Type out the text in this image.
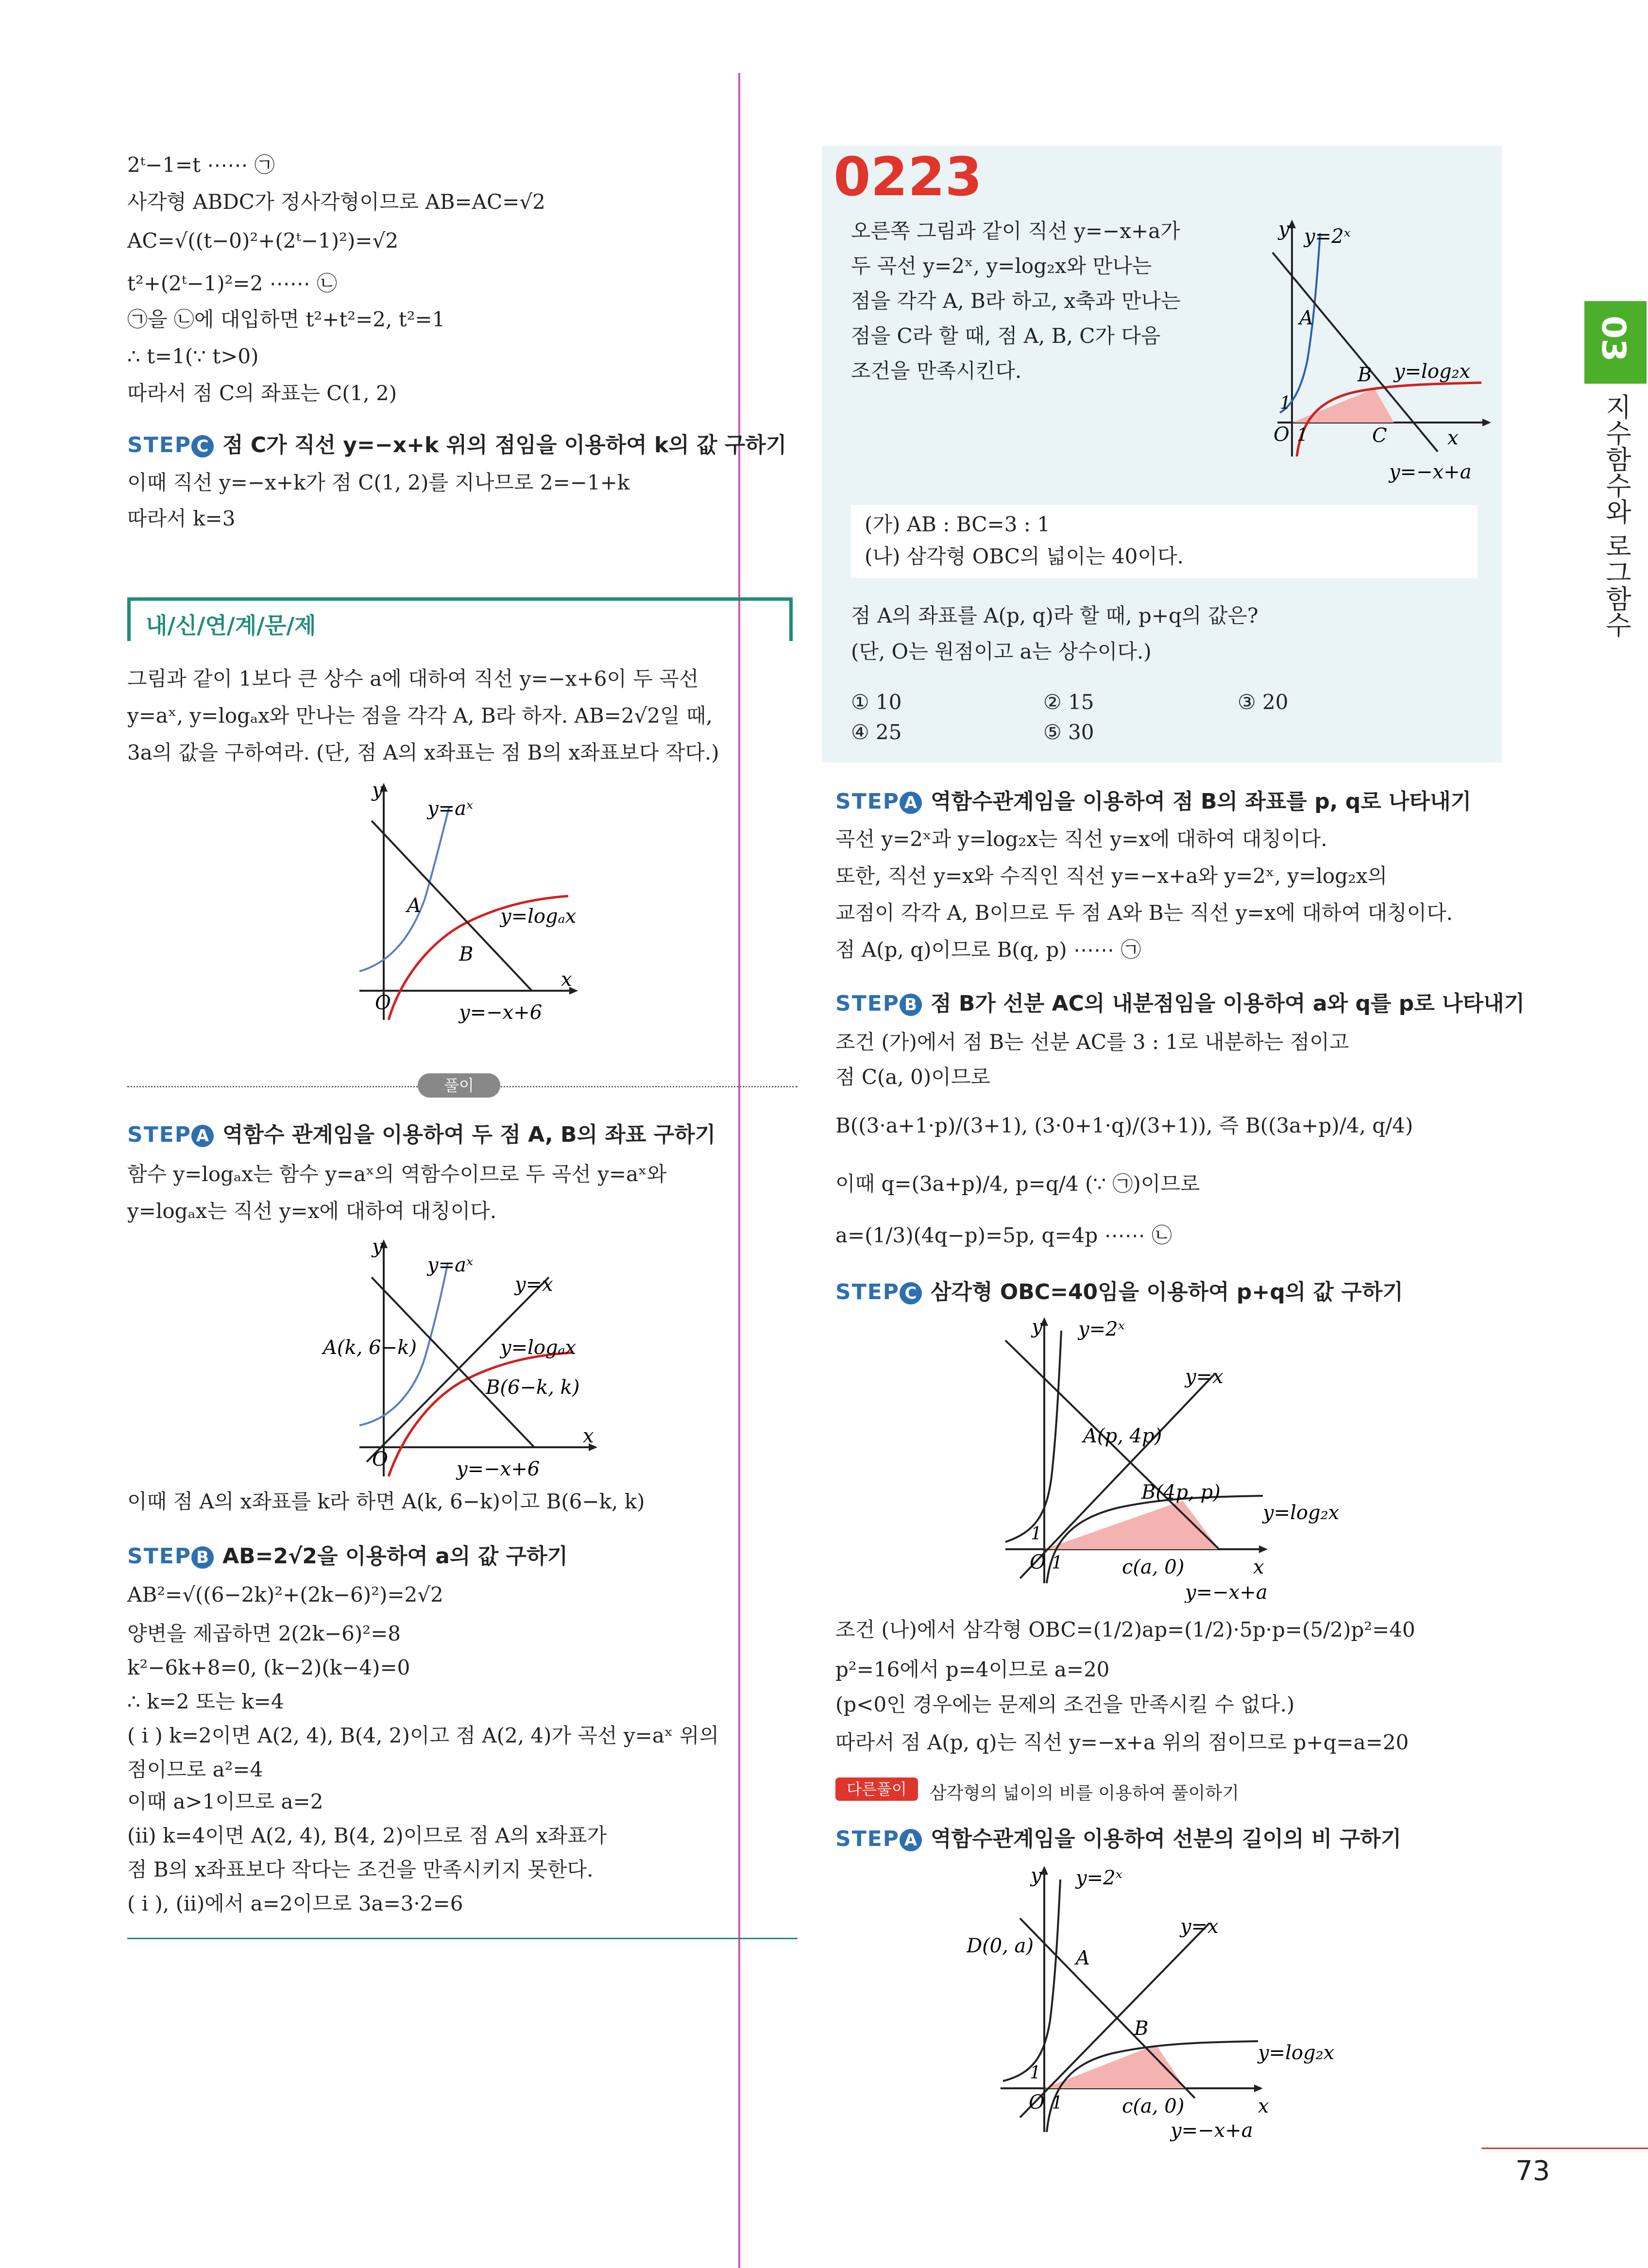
03
지수함수와 로그함수
2ᵗ−1=t ⋯⋯ ㉠
사각형 ABDC가 정사각형이므로 AB=AC=√2
AC=√((t−0)²+(2ᵗ−1)²)=√2
t²+(2ᵗ−1)²=2 ⋯⋯ ㉡
㉠을 ㉡에 대입하면 t²+t²=2, t²=1
∴ t=1(∵ t>0)
따라서 점 C의 좌표는 C(1, 2)
STEP C 점 C가 직선 y=−x+k 위의 점임을 이용하여 k의 값 구하기
이때 직선 y=−x+k가 점 C(1, 2)를 지나므로 2=−1+k
따라서 k=3
내/신/연/계/문/제
그림과 같이 1보다 큰 상수 a에 대하여 직선 y=−x+6이 두 곡선
y=aˣ, y=logₐx와 만나는 점을 각각 A, B라 하자. AB=2√2일 때,
3a의 값을 구하여라. (단, 점 A의 x좌표는 점 B의 x좌표보다 작다.)
y
x
O
y=aˣ
y=logₐx
y=−x+6
A
B
풀이
STEP A 역함수 관계임을 이용하여 두 점 A, B의 좌표 구하기
함수 y=logₐx는 함수 y=aˣ의 역함수이므로 두 곡선 y=aˣ와
y=logₐx는 직선 y=x에 대하여 대칭이다.
y
x
O
y=aˣ
y=x
y=logₐx
y=−x+6
A(k, 6−k)
B(6−k, k)
이때 점 A의 x좌표를 k라 하면 A(k, 6−k)이고 B(6−k, k)
STEP B AB=2√2을 이용하여 a의 값 구하기
AB²=√((6−2k)²+(2k−6)²)=2√2
양변을 제곱하면 2(2k−6)²=8
k²−6k+8=0, (k−2)(k−4)=0
∴ k=2 또는 k=4
( i ) k=2이면 A(2, 4), B(4, 2)이고 점 A(2, 4)가 곡선 y=aˣ 위의
점이므로 a²=4
이때 a>1이므로 a=2
(ii) k=4이면 A(2, 4), B(4, 2)이므로 점 A의 x좌표가
점 B의 x좌표보다 작다는 조건을 만족시키지 못한다.
( i ), (ii)에서 a=2이므로 3a=3·2=6
0223
오른쪽 그림과 같이 직선 y=−x+a가
두 곡선 y=2ˣ, y=log₂x와 만나는
점을 각각 A, B라 하고, x축과 만나는
점을 C라 할 때, 점 A, B, C가 다음
조건을 만족시킨다.
y
x
O
1
1
y=2ˣ
y=log₂x
y=−x+a
A
B
C
(가) AB : BC=3 : 1
(나) 삼각형 OBC의 넓이는 40이다.
점 A의 좌표를 A(p, q)라 할 때, p+q의 값은?
(단, O는 원점이고 a는 상수이다.)
① 10	② 15	③ 20
④ 25	⑤ 30
STEP A 역함수관계임을 이용하여 점 B의 좌표를 p, q로 나타내기
곡선 y=2ˣ과 y=log₂x는 직선 y=x에 대하여 대칭이다.
또한, 직선 y=x와 수직인 직선 y=−x+a와 y=2ˣ, y=log₂x의
교점이 각각 A, B이므로 두 점 A와 B는 직선 y=x에 대하여 대칭이다.
점 A(p, q)이므로 B(q, p) ⋯⋯ ㉠
STEP B 점 B가 선분 AC의 내분점임을 이용하여 a와 q를 p로 나타내기
조건 (가)에서 점 B는 선분 AC를 3 : 1로 내분하는 점이고
점 C(a, 0)이므로
B((3·a+1·p)/(3+1), (3·0+1·q)/(3+1)), 즉 B((3a+p)/4, q/4)
이때 q=(3a+p)/4, p=q/4 (∵ ㉠)이므로
a=(1/3)(4q−p)=5p, q=4p ⋯⋯ ㉡
STEP C 삼각형 OBC=40임을 이용하여 p+q의 값 구하기
y
x
O
1
1
y=2ˣ
y=x
A(p, 4p)
B(4p, p)
y=log₂x
c(a, 0)
y=−x+a
조건 (나)에서 삼각형 OBC=(1/2)ap=(1/2)·5p·p=(5/2)p²=40
p²=16에서 p=4이므로 a=20
(p<0인 경우에는 문제의 조건을 만족시킬 수 없다.)
따라서 점 A(p, q)는 직선 y=−x+a 위의 점이므로 p+q=a=20
다른풀이	삼각형의 넓이의 비를 이용하여 풀이하기
STEP A 역함수관계임을 이용하여 선분의 길이의 비 구하기
y
x
O
1
1
y=2ˣ
y=x
D(0, a)
A
B
y=log₂x
c(a, 0)
y=−x+a
73
